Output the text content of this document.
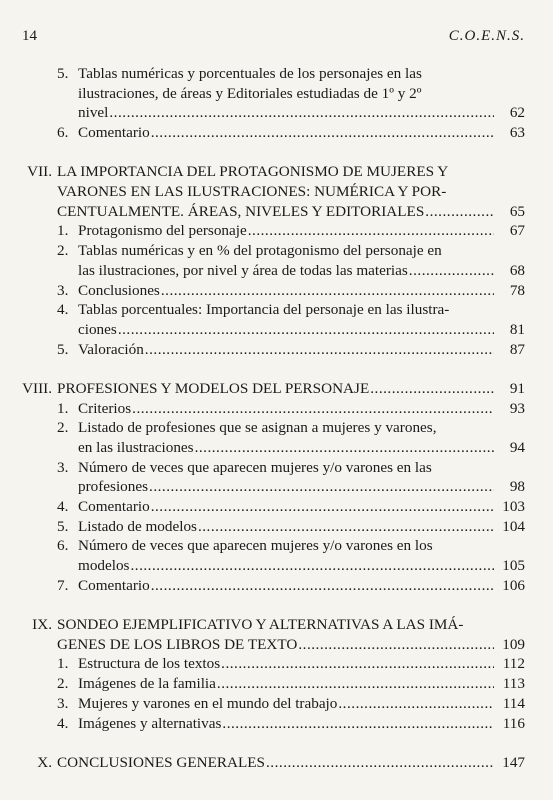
14	C.O.E.N.S.
5. Tablas numéricas y porcentuales de los personajes en las
ilustraciones, de áreas y Editoriales estudiadas de 1º y 2º
nivel .....	62
6. Comentario .....	63
VII. LA IMPORTANCIA DEL PROTAGONISMO DE MUJERES Y
VARONES EN LAS ILUSTRACIONES: NUMÉRICA Y POR-
CENTUALMENTE. ÁREAS, NIVELES Y EDITORIALES .....	65
1. Protagonismo del personaje .....	67
2. Tablas numéricas y en % del protagonismo del personaje en
las ilustraciones, por nivel y área de todas las materias .....	68
3. Conclusiones .....	78
4. Tablas porcentuales: Importancia del personaje en las ilustra-
ciones .....	81
5. Valoración .....	87
VIII. PROFESIONES Y MODELOS DEL PERSONAJE .....	91
1. Criterios .....	93
2. Listado de profesiones que se asignan a mujeres y varones,
en las ilustraciones .....	94
3. Número de veces que aparecen mujeres y/o varones en las
profesiones .....	98
4. Comentario .....	103
5. Listado de modelos .....	104
6. Número de veces que aparecen mujeres y/o varones en los
modelos .....	105
7. Comentario .....	106
IX. SONDEO EJEMPLIFICATIVO Y ALTERNATIVAS A LAS IMÁ-
GENES DE LOS LIBROS DE TEXTO .....	109
1. Estructura de los textos .....	112
2. Imágenes de la familia .....	113
3. Mujeres y varones en el mundo del trabajo .....	114
4. Imágenes y alternativas .....	116
X. CONCLUSIONES GENERALES .....	147
